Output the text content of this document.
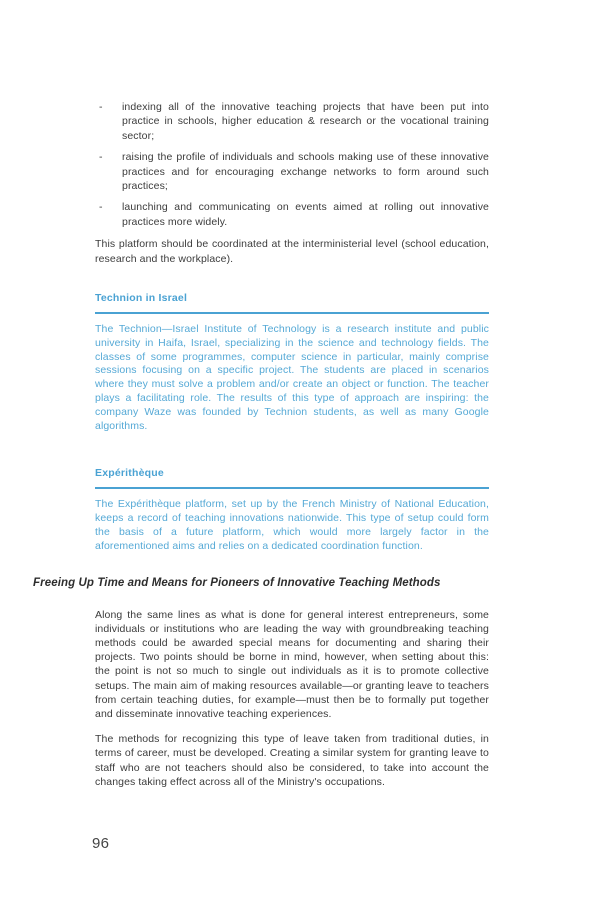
-	indexing all of the innovative teaching projects that have been put into practice in schools, higher education & research or the vocational training sector;
-	raising the profile of individuals and schools making use of these innovative practices and for encouraging exchange networks to form around such practices;
-	launching and communicating on events aimed at rolling out innovative practices more widely.

This platform should be coordinated at the interministerial level (school education, research and the workplace).

Technion in Israel

The Technion—Israel Institute of Technology is a research institute and public university in Haifa, Israel, specializing in the science and technology fields. The classes of some programmes, computer science in particular, mainly comprise sessions focusing on a specific project. The students are placed in scenarios where they must solve a problem and/or create an object or function. The teacher plays a facilitating role. The results of this type of approach are inspiring: the company Waze was founded by Technion students, as well as many Google algorithms.

Expérithèque

The Expérithèque platform, set up by the French Ministry of National Education, keeps a record of teaching innovations nationwide. This type of setup could form the basis of a future platform, which would more largely factor in the aforementioned aims and relies on a dedicated coordination function.

Freeing Up Time and Means for Pioneers of Innovative Teaching Methods

Along the same lines as what is done for general interest entrepreneurs, some individuals or institutions who are leading the way with groundbreaking teaching methods could be awarded special means for documenting and sharing their projects. Two points should be borne in mind, however, when setting about this: the point is not so much to single out individuals as it is to promote collective setups. The main aim of making resources available—or granting leave to teachers from certain teaching duties, for example—must then be to formally put together and disseminate innovative teaching experiences.

The methods for recognizing this type of leave taken from traditional duties, in terms of career, must be developed. Creating a similar system for granting leave to staff who are not teachers should also be considered, to take into account the changes taking effect across all of the Ministry's occupations.

96
